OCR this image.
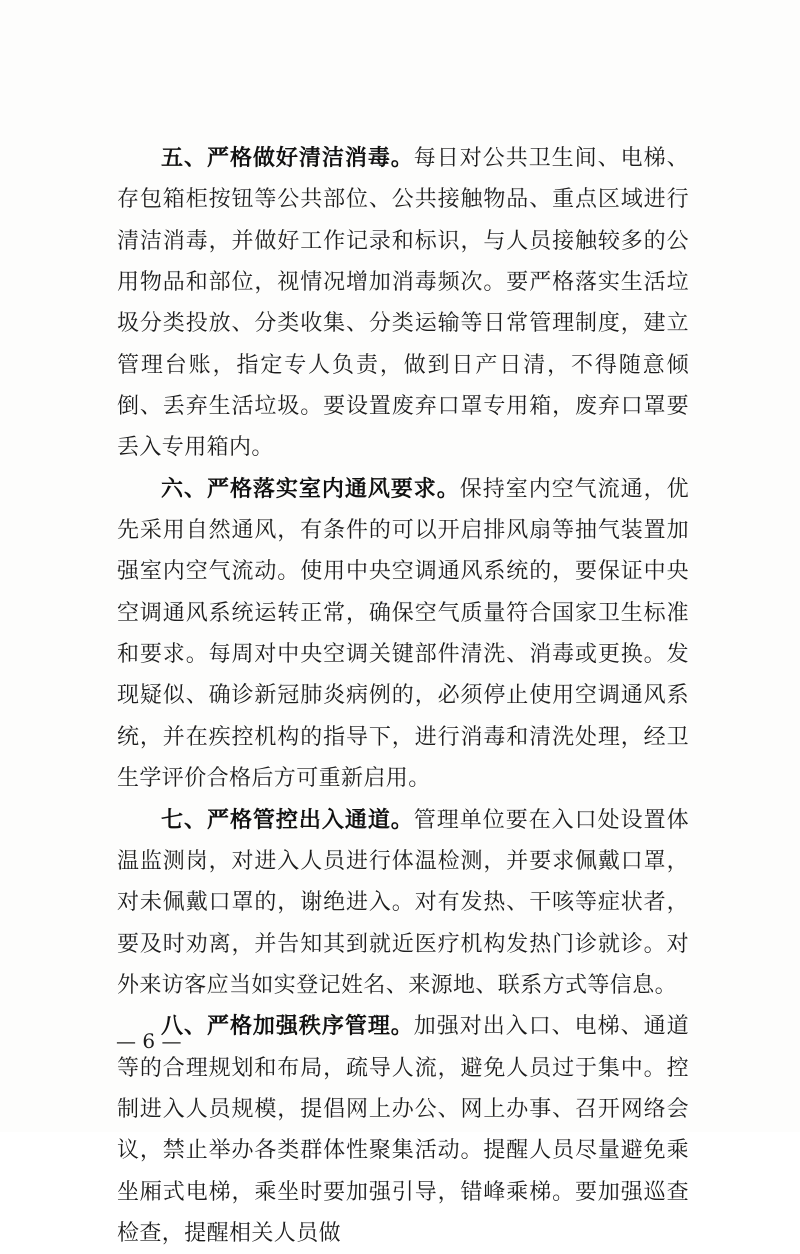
五、严格做好清洁消毒。每日对公共卫生间、电梯、存包箱柜按钮等公共部位、公共接触物品、重点区域进行清洁消毒，并做好工作记录和标识，与人员接触较多的公用物品和部位，视情况增加消毒频次。要严格落实生活垃圾分类投放、分类收集、分类运输等日常管理制度，建立管理台账，指定专人负责，做到日产日清，不得随意倾倒、丢弃生活垃圾。要设置废弃口罩专用箱，废弃口罩要丢入专用箱内。

六、严格落实室内通风要求。保持室内空气流通，优先采用自然通风，有条件的可以开启排风扇等抽气装置加强室内空气流动。使用中央空调通风系统的，要保证中央空调通风系统运转正常，确保空气质量符合国家卫生标准和要求。每周对中央空调关键部件清洗、消毒或更换。发现疑似、确诊新冠肺炎病例的，必须停止使用空调通风系统，并在疾控机构的指导下，进行消毒和清洗处理，经卫生学评价合格后方可重新启用。

七、严格管控出入通道。管理单位要在入口处设置体温监测岗，对进入人员进行体温检测，并要求佩戴口罩，对未佩戴口罩的，谢绝进入。对有发热、干咳等症状者，要及时劝离，并告知其到就近医疗机构发热门诊就诊。对外来访客应当如实登记姓名、来源地、联系方式等信息。

八、严格加强秩序管理。加强对出入口、电梯、通道等的合理规划和布局，疏导人流，避免人员过于集中。控制进入人员规模，提倡网上办公、网上办事、召开网络会议，禁止举办各类群体性聚集活动。提醒人员尽量避免乘坐厢式电梯，乘坐时要加强引导，错峰乘梯。要加强巡查检查，提醒相关人员做

— 6 —
